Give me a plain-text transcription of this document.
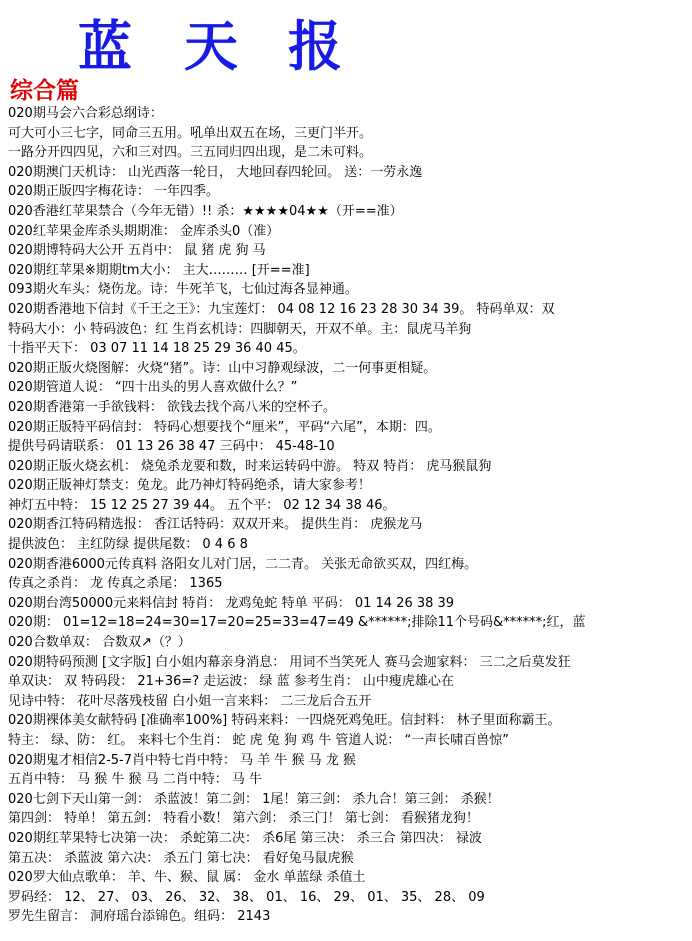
蓝 天 报
综合篇
020期马会六合彩总纲诗：
可大可小三七字，同命三五用。吼单出双五在场，三更门半开。
一路分开四四见，六和三对四。三五同归四出现，是二未可料。
020期澳门天机诗： 山光西落一轮日， 大地回春四轮回。 送：一劳永逸
020期正版四字梅花诗： 一年四季。
020香港红苹果禁合（今年无错）!! 杀：★★★★04★★（开==准）
020红苹果金库杀头期期准： 金库杀头0（准）
020期博特码大公开 五肖中： 鼠 猪 虎 狗 马
020期红苹果※期期tm大小： 主大……… [开==准]
093期火车头：烧伤龙。诗：牛死羊飞，七仙过海各显神通。
020期香港地下信封《千王之王》：九宝莲灯： 04 08 12 16 23 28 30 34 39。 特码单双：双
特码大小：小 特码波色：红 生肖玄机诗：四脚朝天，开双不单。主：鼠虎马羊狗
十指平天下： 03 07 11 14 18 25 29 36 40 45。
020期正版火烧图解：火烧“猪”。诗：山中习静观绿波，二一何事更相疑。
020期管道人说： “四十出头的男人喜欢做什么？”
020期香港第一手欲钱料： 欲钱去找个高八米的空杯子。
020期正版特平码信封： 特码心想要找个“厘米”，平码“六尾”，本期：四。
提供号码请联系： 01 13 26 38 47 三码中： 45-48-10
020期正版火烧玄机： 烧兔杀龙要和数，时来运转码中游。 特双 特肖： 虎马猴鼠狗
020期正版神灯禁支：兔龙。此乃神灯特码绝杀，请大家参考！
神灯五中特： 15 12 25 27 39 44。 五个平： 02 12 34 38 46。
020期香江特码精选报： 香江话特码：双双开来。 提供生肖： 虎猴龙马
提供波色： 主红防绿 提供尾数： 0 4 6 8
020期香港6000元传真料 洛阳女儿对门居，二二青。 关张无命欲买双，四红梅。
传真之杀肖： 龙 传真之杀尾： 1365
020期台湾50000元来料信封 特肖： 龙鸡兔蛇 特单 平码： 01 14 26 38 39
020期： 01=12=18=24=30=17=20=25=33=47=49 &******;排除11个号码&******;红，蓝
020合数单双： 合数双↗（？）
020期特码预测 [文字版] 白小姐内幕亲身消息： 用词不当笑死人 赛马会迦家料： 三二之后莫发狂
单双诀： 双 特码段： 21+36=? 走运波： 绿 蓝 参考生肖： 山中瘦虎雄心在
见诗中特： 花叶尽落残枝留 白小姐一言来料： 二三龙后合五开
020期裸体美女献特码 [准确率100%] 特码来料：一四烧死鸡兔旺。信封料： 林子里面称霸王。
特主： 绿、防： 红。 来料七个生肖： 蛇 虎 兔 狗 鸡 牛 管道人说： “一声长啸百兽惊”
020期鬼才相信2-5-7肖中特七肖中特： 马 羊 牛 猴 马 龙 猴
五肖中特： 马 猴 牛 猴 马 二肖中特： 马 牛
020七剑下天山第一剑： 杀蓝波！第二剑： 1尾！第三剑： 杀九合！第三剑： 杀猴！
第四剑： 特单！ 第五剑： 特看小数！ 第六剑： 杀三门！ 第七剑： 看猴猪龙狗！
020期红苹果特七决第一决： 杀蛇第二决： 杀6尾 第三决： 杀三合 第四决： 禄波
第五决： 杀蓝波 第六决： 杀五门 第七决： 看好兔马鼠虎猴
020罗大仙点歌单： 羊、牛、猴、鼠 属： 金水 单蓝绿 杀值土
罗码经： 12、 27、 03、 26、 32、 38、 01、 16、 29、 01、 35、 28、 09
罗先生留言： 洞府瑶台添锦色。组码： 2143
